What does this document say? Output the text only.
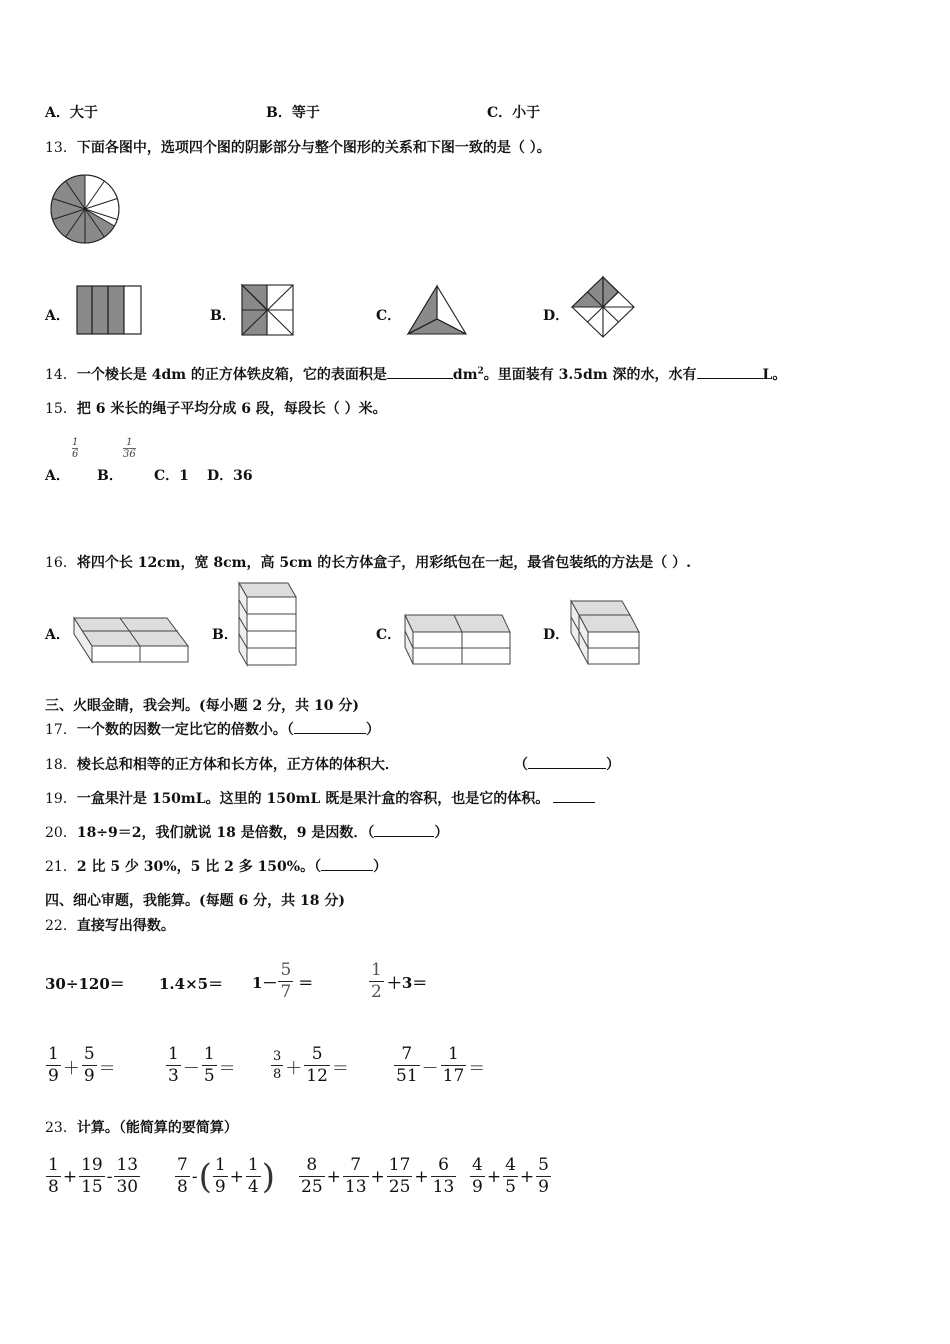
A．大于	B．等于	C．小于
13．下面各图中，选项四个图的阴影部分与整个图形的关系和下图一致的是（ ）。
A．	B．	C．	D．
14．一个棱长是 4dm 的正方体铁皮箱，它的表面积是	$dm^2$。里面装有 3.5dm 深的水，水有	L。
15．把 6 米长的绳子平均分成 6 段，每段长（ ）米。
A．
1
6
B．
1
36
C．1 D．36
16．将四个长 12cm，宽 8cm，高 5cm 的长方体盒子，用彩纸包在一起，最省包装纸的方法是（ ）.
A．	B．	C．	D．
三、火眼金睛，我会判。(每小题 2 分，共 10 分)
17．一个数的因数一定比它的倍数小。（	）
18．棱长总和相等的正方体和长方体，正方体的体积大．	（	）
19．一盒果汁是 150mL。这里的 150mL 既是果汁盒的容积，也是它的体积。
20．18÷9＝2，我们就说 18 是倍数，9 是因数．（	）
21．2 比 5 少 30%，5 比 2 多 150%。（	）
四、细心审题，我能算。(每题 6 分，共 18 分)
22．直接写出得数。
$30\div 120= 1.4\times 5= 1- \frac{5}{7}$ ＝	$\frac{1}{2} +3=$
$\frac{1}{9} + \frac{5}{9}$ ＝	$\frac{1}{3} - \frac{1}{5}$ ＝	$\frac{3}{8} + \frac{5}{12}$ ＝	$\frac{7}{51} - \frac{1}{17}$ ＝
23．计算。（能简算的要简算）
$\frac{1}{8} + \frac{19}{15} - \frac{13}{30} \frac{7}{8}$ - ( $\frac{1}{9} + \frac{1}{4}$ ) $\frac{8}{25} + \frac{7}{13} + \frac{17}{25} + \frac{6}{13} \frac{4}{9} + \frac{4}{5} + \frac{5}{9}$
